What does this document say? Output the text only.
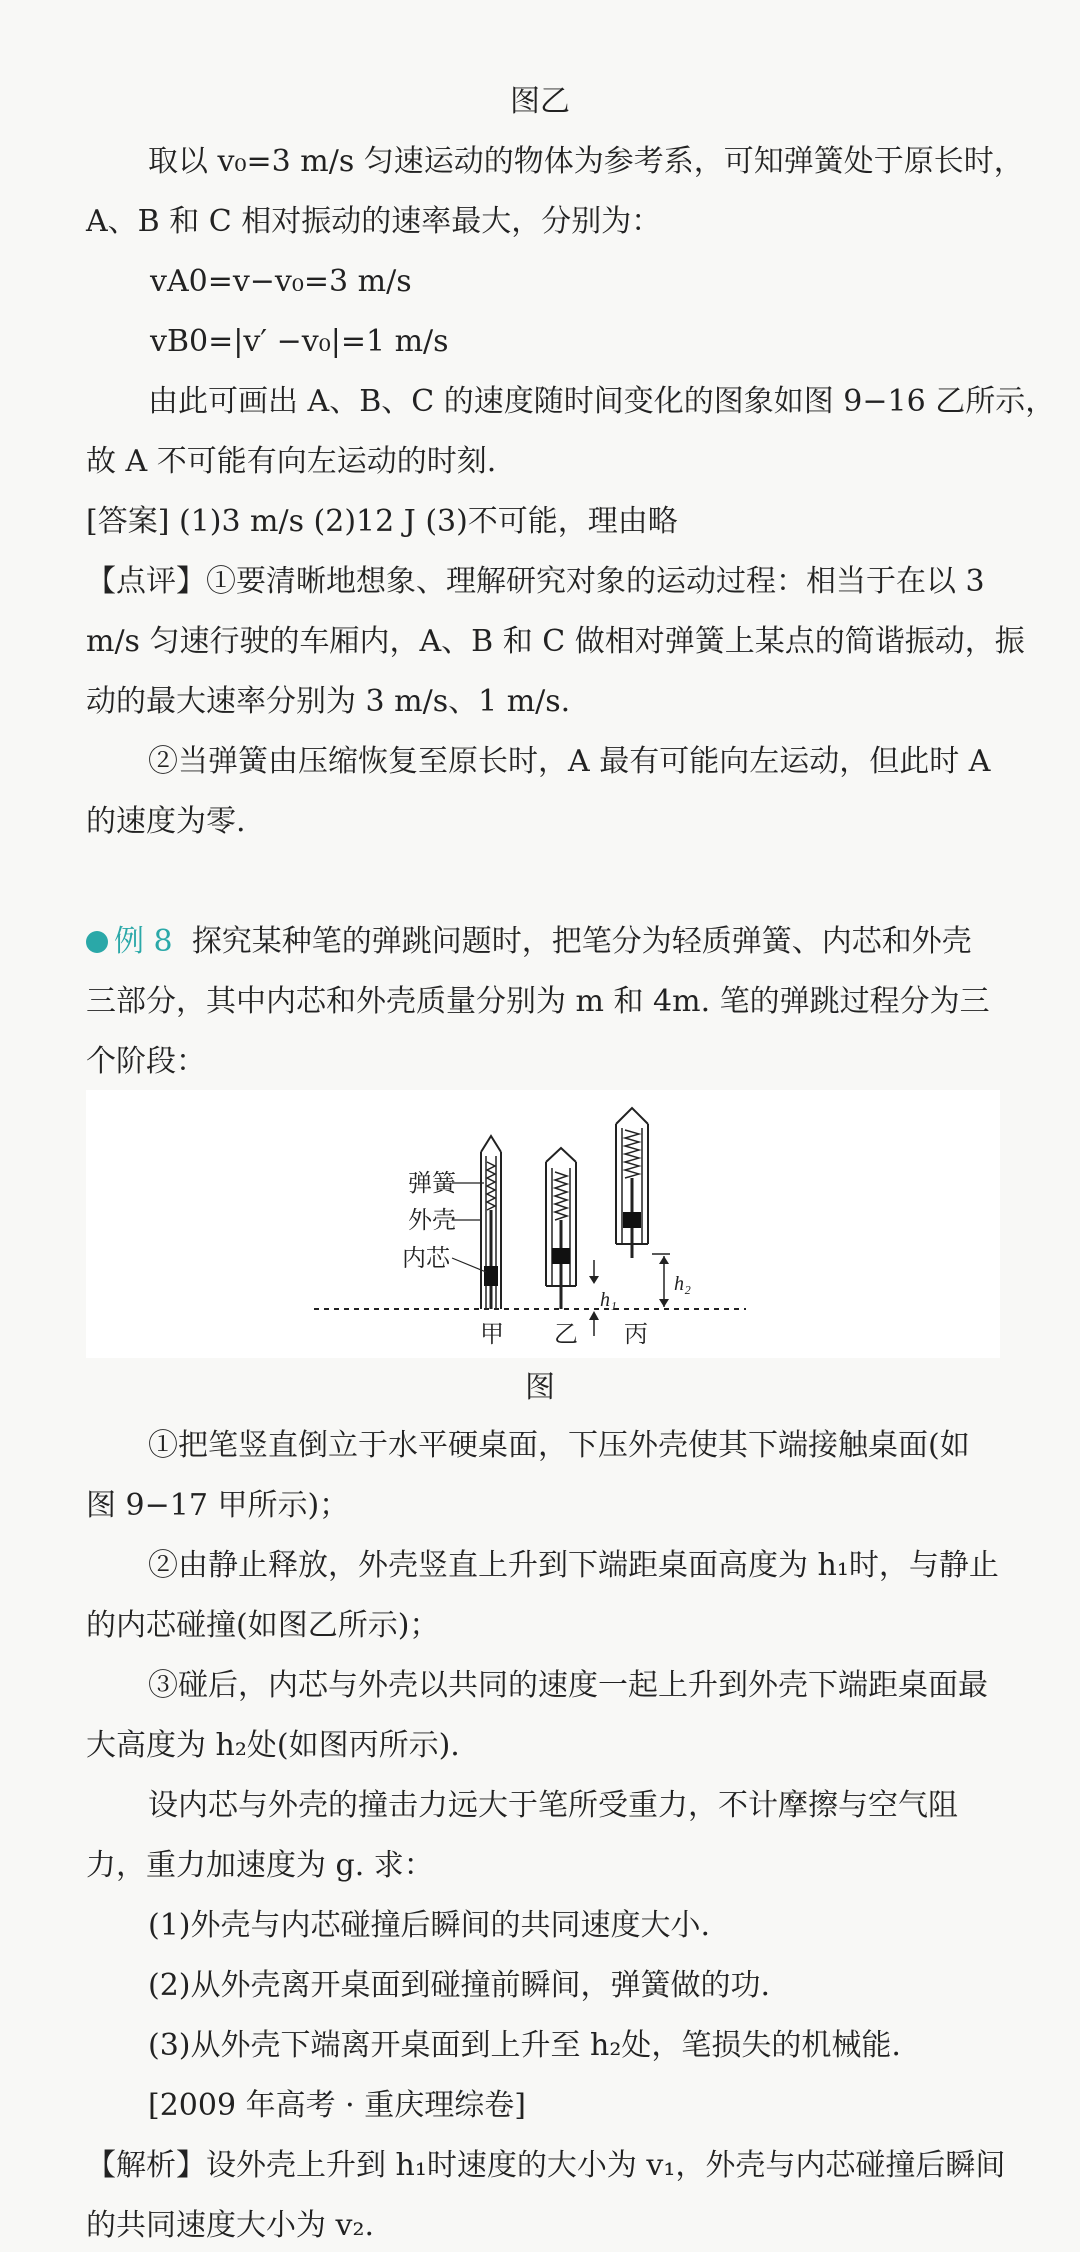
图乙
取以 v₀=3 m/s 匀速运动的物体为参考系，可知弹簧处于原长时，
A、B 和 C 相对振动的速率最大，分别为：
vA0=v−v₀=3 m/s
vB0=|v′ −v₀|=1 m/s
由此可画出 A、B、C 的速度随时间变化的图象如图 9−16 乙所示，
故 A 不可能有向左运动的时刻.
[答案] (1)3 m/s (2)12 J (3)不可能，理由略
【点评】①要清晰地想象、理解研究对象的运动过程：相当于在以 3
m/s 匀速行驶的车厢内，A、B 和 C 做相对弹簧上某点的简谐振动，振
动的最大速率分别为 3 m/s、1 m/s.
②当弹簧由压缩恢复至原长时，A 最有可能向左运动，但此时 A
的速度为零.
例 8 探究某种笔的弹跳问题时，把笔分为轻质弹簧、内芯和外壳
三部分，其中内芯和外壳质量分别为 m 和 4m. 笔的弹跳过程分为三
个阶段：
h₁
h₂
弹簧
外壳
内芯
甲 乙 丙
图
①把笔竖直倒立于水平硬桌面，下压外壳使其下端接触桌面(如
图 9−17 甲所示)；
②由静止释放，外壳竖直上升到下端距桌面高度为 h₁时，与静止
的内芯碰撞(如图乙所示)；
③碰后，内芯与外壳以共同的速度一起上升到外壳下端距桌面最
大高度为 h₂处(如图丙所示).
设内芯与外壳的撞击力远大于笔所受重力，不计摩擦与空气阻
力，重力加速度为 g. 求：
(1)外壳与内芯碰撞后瞬间的共同速度大小.
(2)从外壳离开桌面到碰撞前瞬间，弹簧做的功.
(3)从外壳下端离开桌面到上升至 h₂处，笔损失的机械能.
[2009 年高考 · 重庆理综卷]
【解析】设外壳上升到 h₁时速度的大小为 v₁，外壳与内芯碰撞后瞬间
的共同速度大小为 v₂.
